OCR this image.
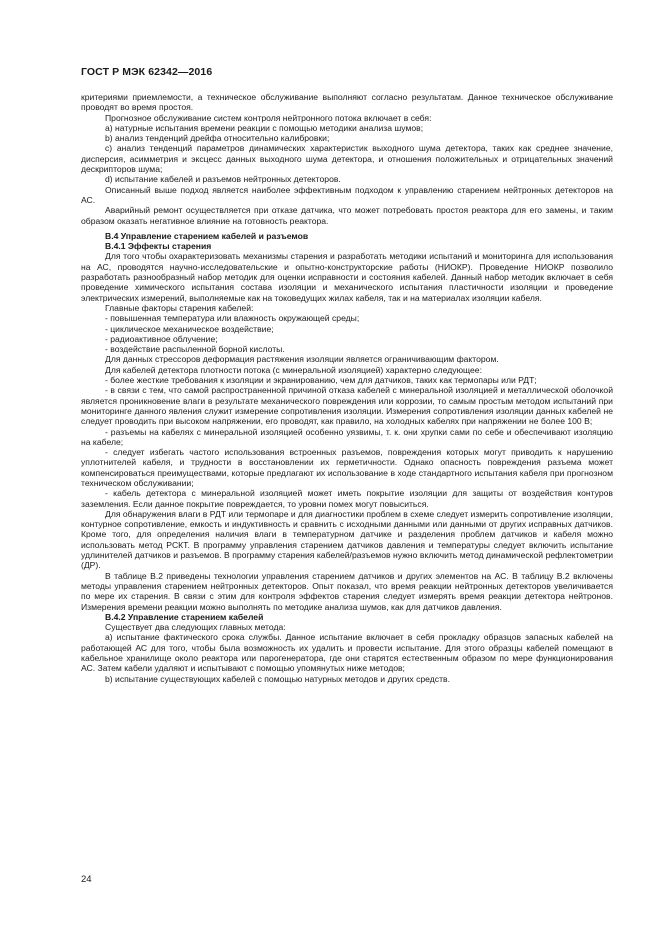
ГОСТ Р МЭК 62342—2016
критериями приемлемости, а техническое обслуживание выполняют согласно результатам. Данное техническое обслуживание проводят во время простоя.
Прогнозное обслуживание систем контроля нейтронного потока включает в себя:
a) натурные испытания времени реакции с помощью методики анализа шумов;
b) анализ тенденций дрейфа относительно калибровки;
c) анализ тенденций параметров динамических характеристик выходного шума детектора, таких как среднее значение, дисперсия, асимметрия и эксцесс данных выходного шума детектора, и отношения положительных и отрицательных значений дескрипторов шума;
d) испытание кабелей и разъемов нейтронных детекторов.
Описанный выше подход является наиболее эффективным подходом к управлению старением нейтронных детекторов на АС.
Аварийный ремонт осуществляется при отказе датчика, что может потребовать простоя реактора для его замены, и таким образом оказать негативное влияние на готовность реактора.
В.4 Управление старением кабелей и разъемов
В.4.1 Эффекты старения
Для того чтобы охарактеризовать механизмы старения и разработать методики испытаний и мониторинга для использования на АС, проводятся научно-исследовательские и опытно-конструкторские работы (НИОКР). Проведение НИОКР позволило разработать разнообразный набор методик для оценки исправности и состояния кабелей. Данный набор методик включает в себя проведение химического испытания состава изоляции и механического испытания пластичности изоляции и проведение электрических измерений, выполняемые как на токоведущих жилах кабеля, так и на материалах изоляции кабеля.
Главные факторы старения кабелей:
- повышенная температура или влажность окружающей среды;
- циклическое механическое воздействие;
- радиоактивное облучение;
- воздействие распыленной борной кислоты.
Для данных стрессоров деформация растяжения изоляции является ограничивающим фактором.
Для кабелей детектора плотности потока (с минеральной изоляцией) характерно следующее:
- более жесткие требования к изоляции и экранированию, чем для датчиков, таких как термопары или РДТ;
- в связи с тем, что самой распространенной причиной отказа кабелей с минеральной изоляцией и металлической оболочкой является проникновение влаги в результате механического повреждения или коррозии, то самым простым методом испытаний при мониторинге данного явления служит измерение сопротивления изоляции. Измерения сопротивления изоляции данных кабелей не следует проводить при высоком напряжении, его проводят, как правило, на холодных кабелях при напряжении не более 100 В;
- разъемы на кабелях с минеральной изоляцией особенно уязвимы, т. к. они хрупки сами по себе и обеспечивают изоляцию на кабеле;
- следует избегать частого использования встроенных разъемов, повреждения которых могут приводить к нарушению уплотнителей кабеля, и трудности в восстановлении их герметичности. Однако опасность повреждения разъема может компенсироваться преимуществами, которые предлагают их использование в ходе стандартного испытания кабеля при прогнозном техническом обслуживании;
- кабель детектора с минеральной изоляцией может иметь покрытие изоляции для защиты от воздействия контуров заземления. Если данное покрытие повреждается, то уровни помех могут повыситься.
Для обнаружения влаги в РДТ или термопаре и для диагностики проблем в схеме следует измерить сопротивление изоляции, контурное сопротивление, емкость и индуктивность и сравнить с исходными данными или данными от других исправных датчиков. Кроме того, для определения наличия влаги в температурном датчике и разделения проблем датчиков и кабеля можно использовать метод РСКТ. В программу управления старением датчиков давления и температуры следует включить испытание удлинителей датчиков и разъемов. В программу старения кабелей/разъемов нужно включить метод динамической рефлектометрии (ДР).
В таблице В.2 приведены технологии управления старением датчиков и других элементов на АС. В таблицу В.2 включены методы управления старением нейтронных детекторов. Опыт показал, что время реакции нейтронных детекторов увеличивается по мере их старения. В связи с этим для контроля эффектов старения следует измерять время реакции детектора нейтронов. Измерения времени реакции можно выполнять по методике анализа шумов, как для датчиков давления.
В.4.2 Управление старением кабелей
Существует два следующих главных метода:
a) испытание фактического срока службы. Данное испытание включает в себя прокладку образцов запасных кабелей на работающей АС для того, чтобы была возможность их удалить и провести испытание. Для этого образцы кабелей помещают в кабельное хранилище около реактора или парогенератора, где они старятся естественным образом по мере функционирования АС. Затем кабели удаляют и испытывают с помощью упомянутых ниже методов;
b) испытание существующих кабелей с помощью натурных методов и других средств.
24
